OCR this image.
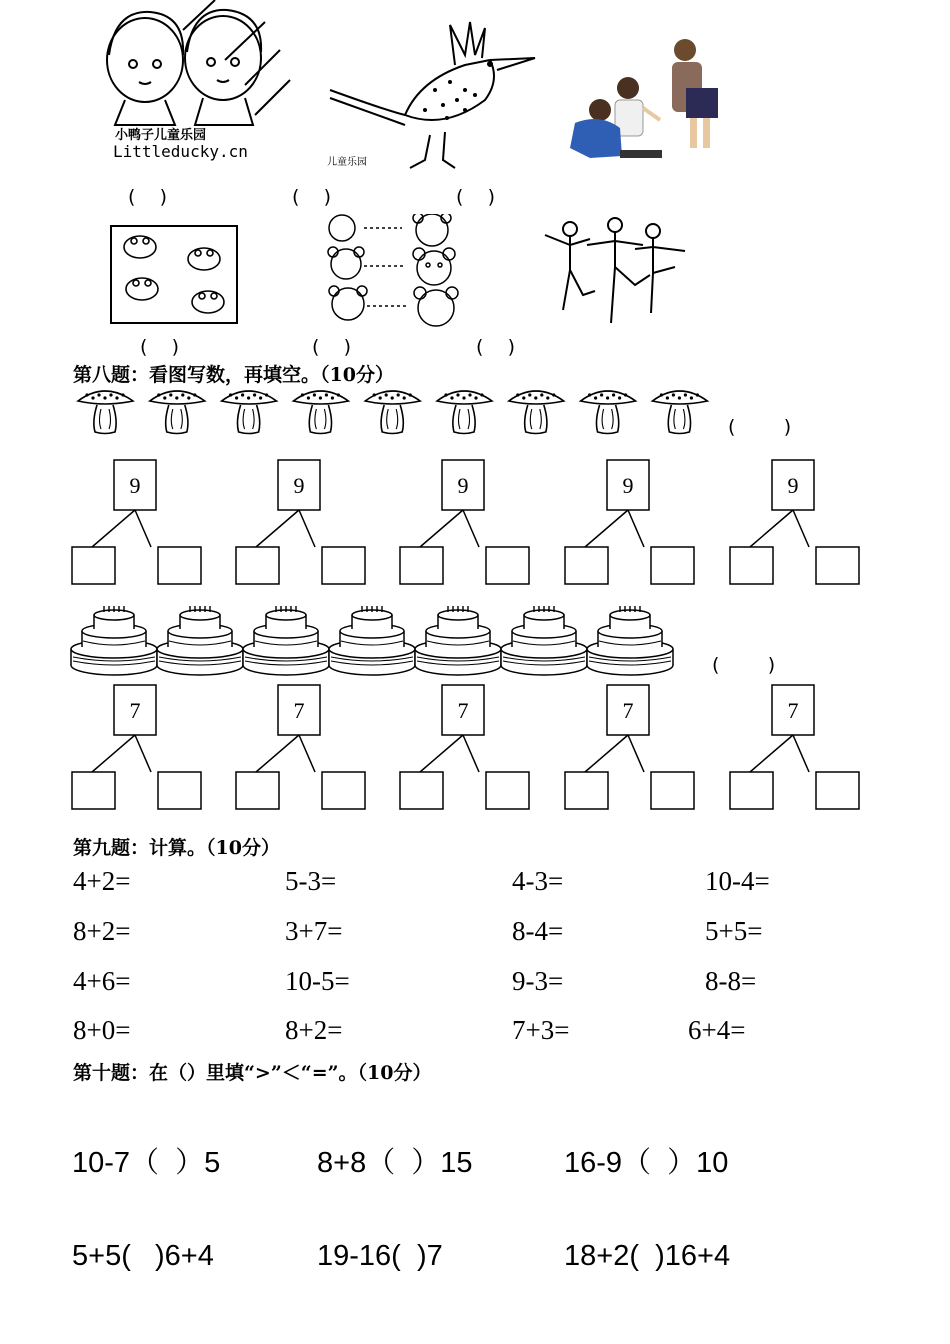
小鸭子儿童乐园
Littleducky.cn
儿童乐园
(    )	(    )	(    )
(    )	(    )	(    )
第八题：看图写数，再填空。（10分）
(        )
9	9	9	9	9
(        )
7	7	7	7	7
第九题：计算。（10分）
4+2=	5-3=	4-3=	10-4=
8+2=	3+7=	8-4=	5+5=
4+6=	10-5=	9-3=	8-8=
8+0=	8+2=	7+3=	6+4=
第十题：在（）里填“>”＜“=”。（10分）
10-7（  ）5	8+8（  ）15	16-9（  ）10
5+5(   )6+4	19-16(  )7	18+2(  )16+4
